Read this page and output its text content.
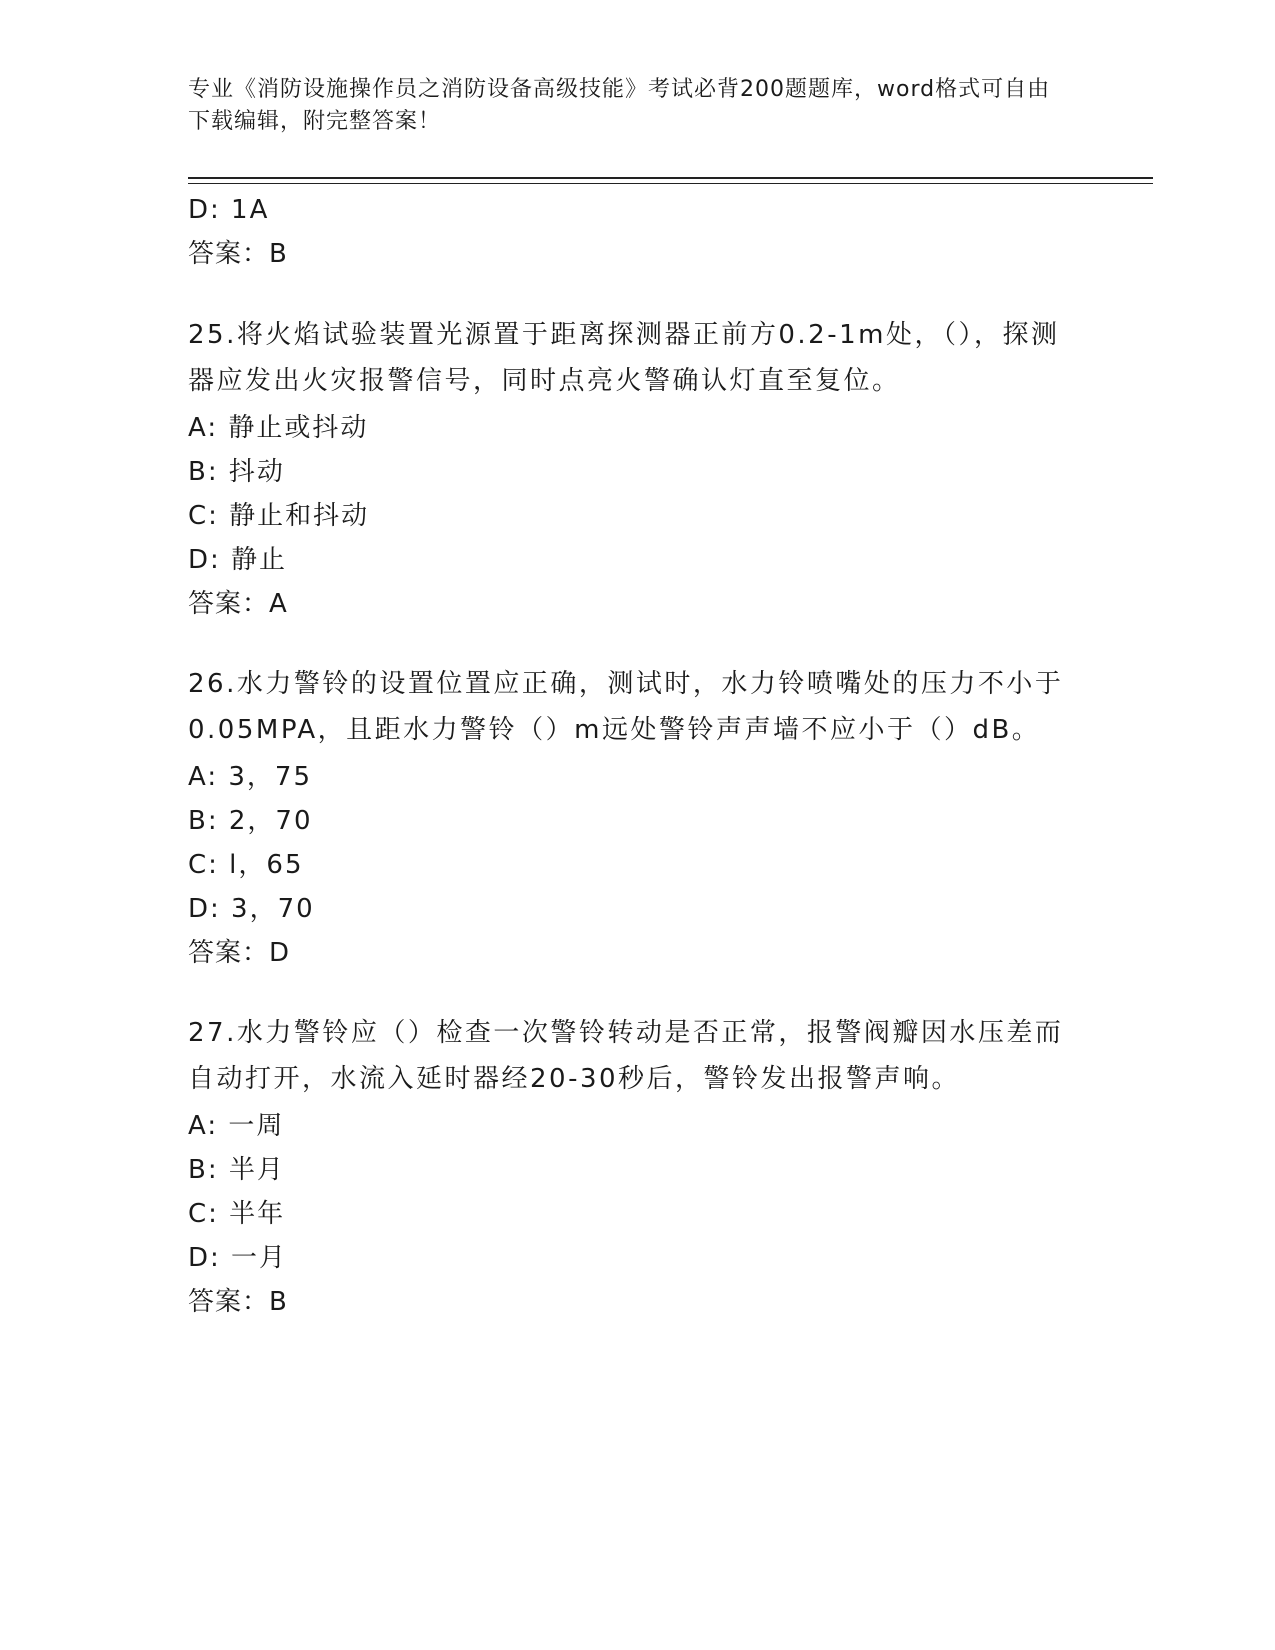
专业《消防设施操作员之消防设备高级技能》考试必背200题题库，word格式可自由下载编辑，附完整答案！
D: 1A
答案：B
25.将火焰试验装置光源置于距离探测器正前方0.2-1m处，（），探测器应发出火灾报警信号，同时点亮火警确认灯直至复位。
A: 静止或抖动
B: 抖动
C: 静止和抖动
D: 静止
答案：A
26.水力警铃的设置位置应正确，测试时，水力铃喷嘴处的压力不小于0.05MPA，且距水力警铃（）m远处警铃声声墙不应小于（）dB。
A: 3，75
B: 2，70
C: l，65
D: 3，70
答案：D
27.水力警铃应（）检查一次警铃转动是否正常，报警阀瓣因水压差而自动打开，水流入延时器经20-30秒后，警铃发出报警声响。
A: 一周
B: 半月
C: 半年
D: 一月
答案：B
